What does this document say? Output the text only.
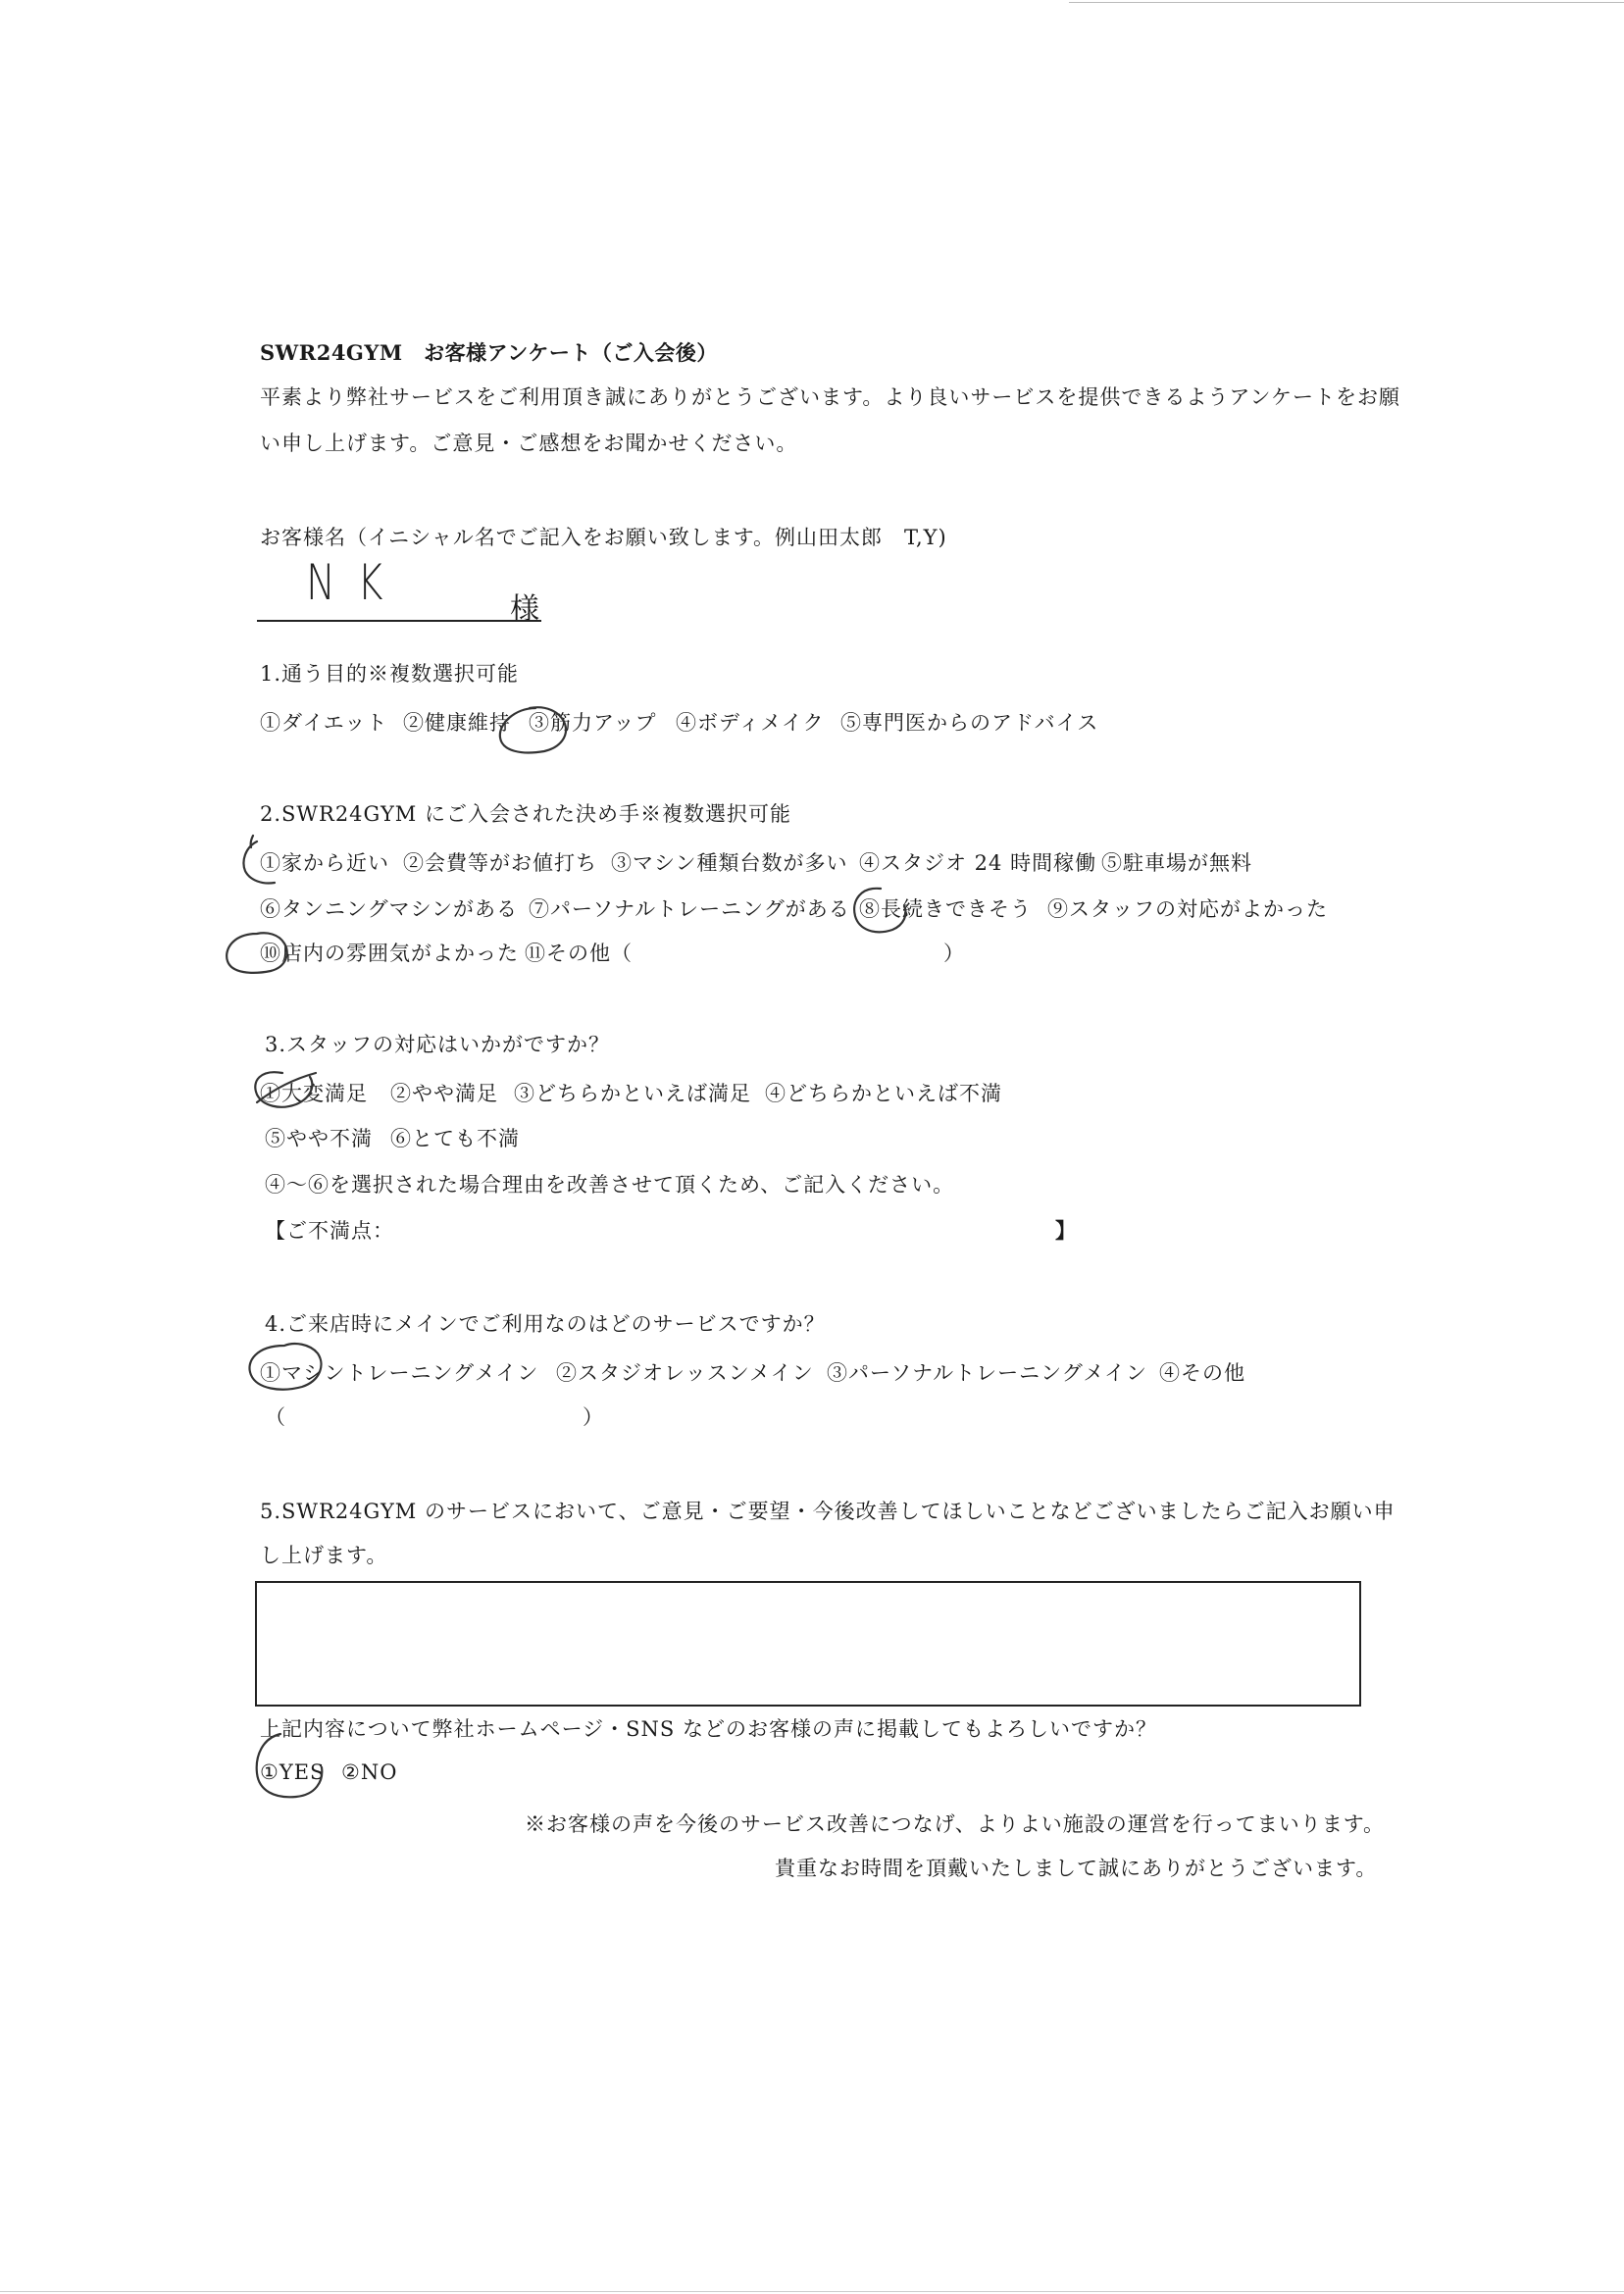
SWR24GYM　お客様アンケート（ご入会後）
平素より弊社サービスをご利用頂き誠にありがとうございます。より良いサービスを提供できるようアンケートをお願
い申し上げます。ご意見・ご感想をお聞かせください。
お客様名（イニシャル名でご記入をお願い致します。例山田太郎　T,Y)
N K	様
1.通う目的※複数選択可能
①ダイエット ②健康維持 ③筋力アップ ④ボディメイク ⑤専門医からのアドバイス
2.SWR24GYM にご入会された決め手※複数選択可能
①家から近い ②会費等がお値打ち ③マシン種類台数が多い ④スタジオ 24 時間稼働 ⑤駐車場が無料
⑥タンニングマシンがある ⑦パーソナルトレーニングがある ⑧長続きできそう ⑨スタッフの対応がよかった
⑩店内の雰囲気がよかった ⑪その他（	）
3.スタッフの対応はいかがですか？
①大変満足 ②やや満足 ③どちらかといえば満足 ④どちらかといえば不満
⑤やや不満 ⑥とても不満
④〜⑥を選択された場合理由を改善させて頂くため、ご記入ください。
【ご不満点：	】
4.ご来店時にメインでご利用なのはどのサービスですか？
①マシントレーニングメイン ②スタジオレッスンメイン ③パーソナルトレーニングメイン ④その他
（	）
5.SWR24GYM のサービスにおいて、ご意見・ご要望・今後改善してほしいことなどございましたらご記入お願い申
し上げます。
上記内容について弊社ホームページ・SNS などのお客様の声に掲載してもよろしいですか？
①YES ②NO
※お客様の声を今後のサービス改善につなげ、よりよい施設の運営を行ってまいります。
貴重なお時間を頂戴いたしまして誠にありがとうございます。
